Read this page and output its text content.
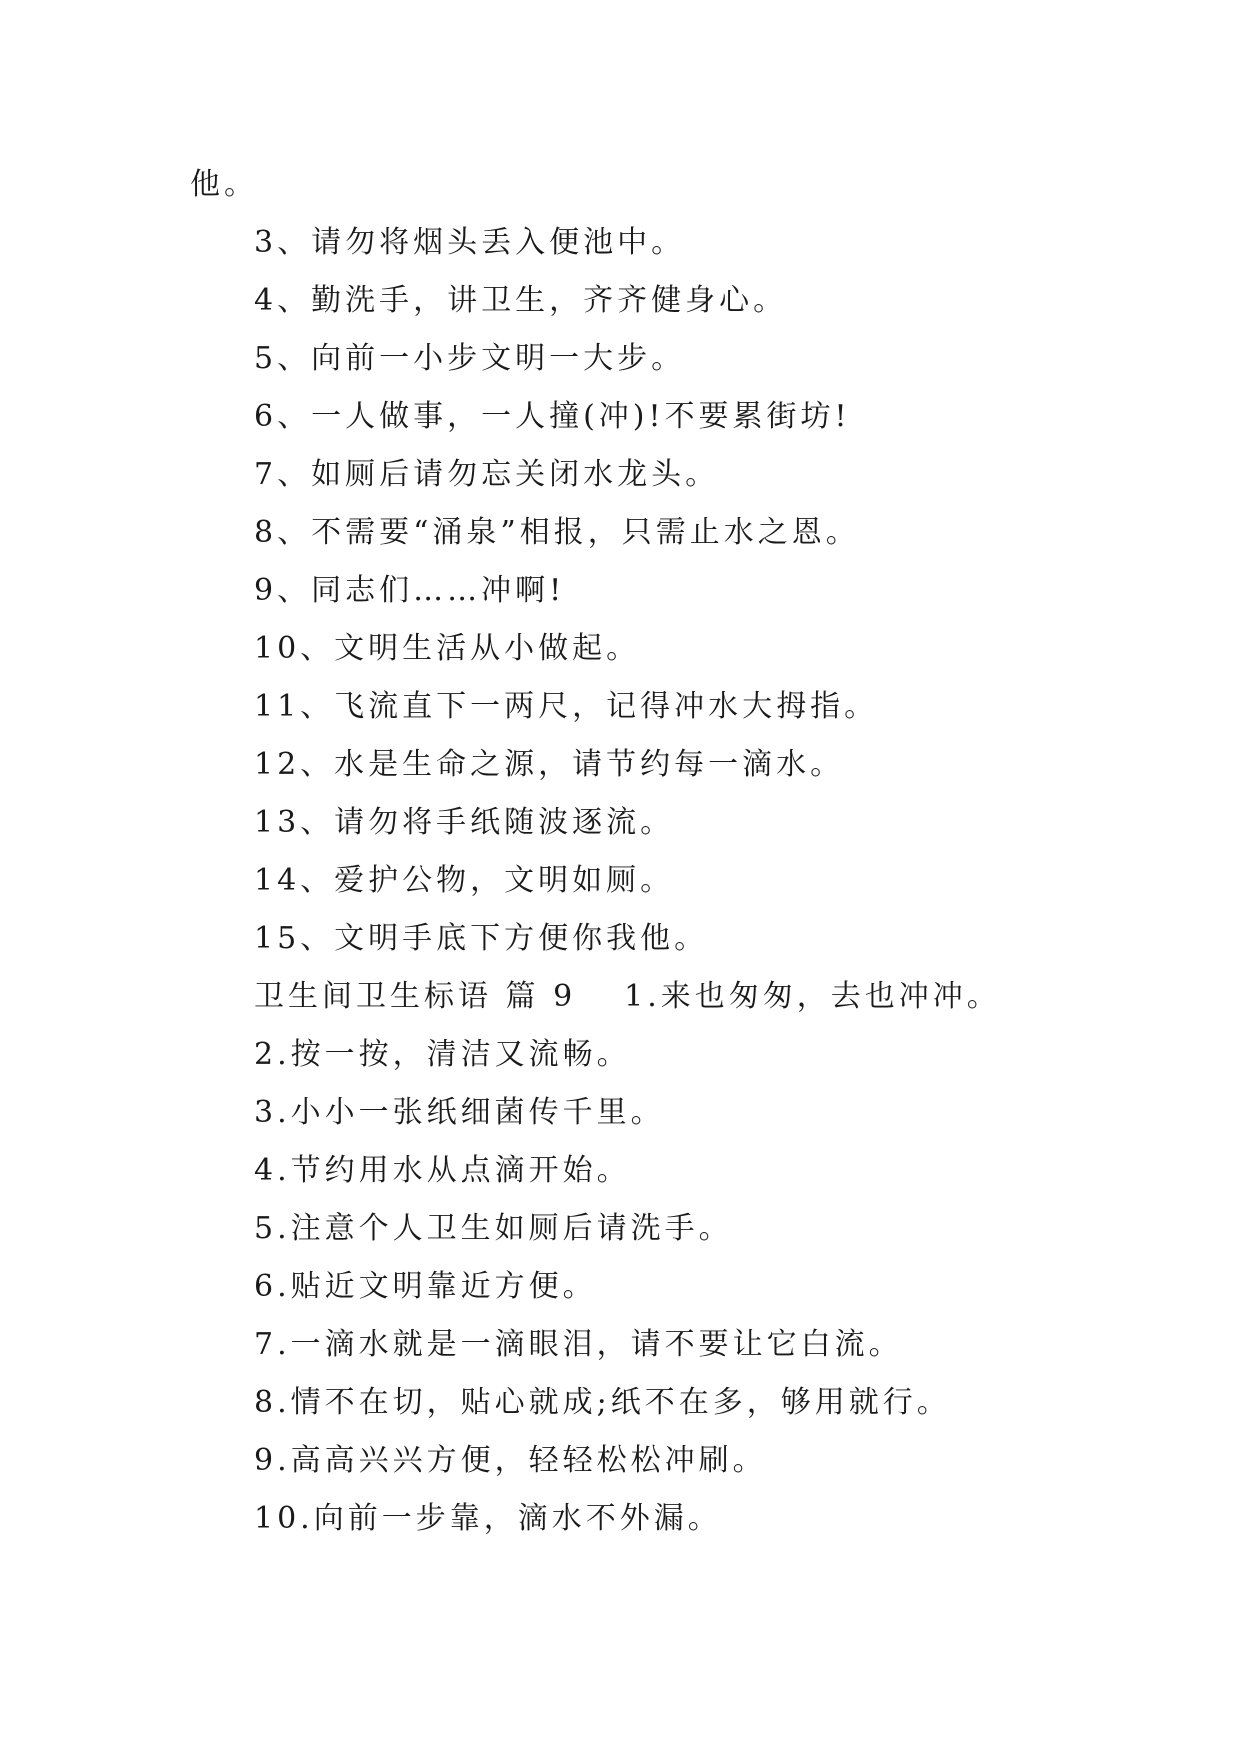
他。
3、请勿将烟头丢入便池中。
4、勤洗手，讲卫生，齐齐健身心。
5、向前一小步文明一大步。
6、一人做事，一人撞(冲)!不要累街坊!
7、如厕后请勿忘关闭水龙头。
8、不需要“涌泉”相报，只需止水之恩。
9、同志们……冲啊!
10、文明生活从小做起。
11、飞流直下一两尺，记得冲水大拇指。
12、水是生命之源，请节约每一滴水。
13、请勿将手纸随波逐流。
14、爱护公物，文明如厕。
15、文明手底下方便你我他。
卫生间卫生标语 篇 9 1.来也匆匆，去也冲冲。
2.按一按，清洁又流畅。
3.小小一张纸细菌传千里。
4.节约用水从点滴开始。
5.注意个人卫生如厕后请洗手。
6.贴近文明靠近方便。
7.一滴水就是一滴眼泪，请不要让它白流。
8.情不在切，贴心就成;纸不在多，够用就行。
9.高高兴兴方便，轻轻松松冲刷。
10.向前一步靠，滴水不外漏。
